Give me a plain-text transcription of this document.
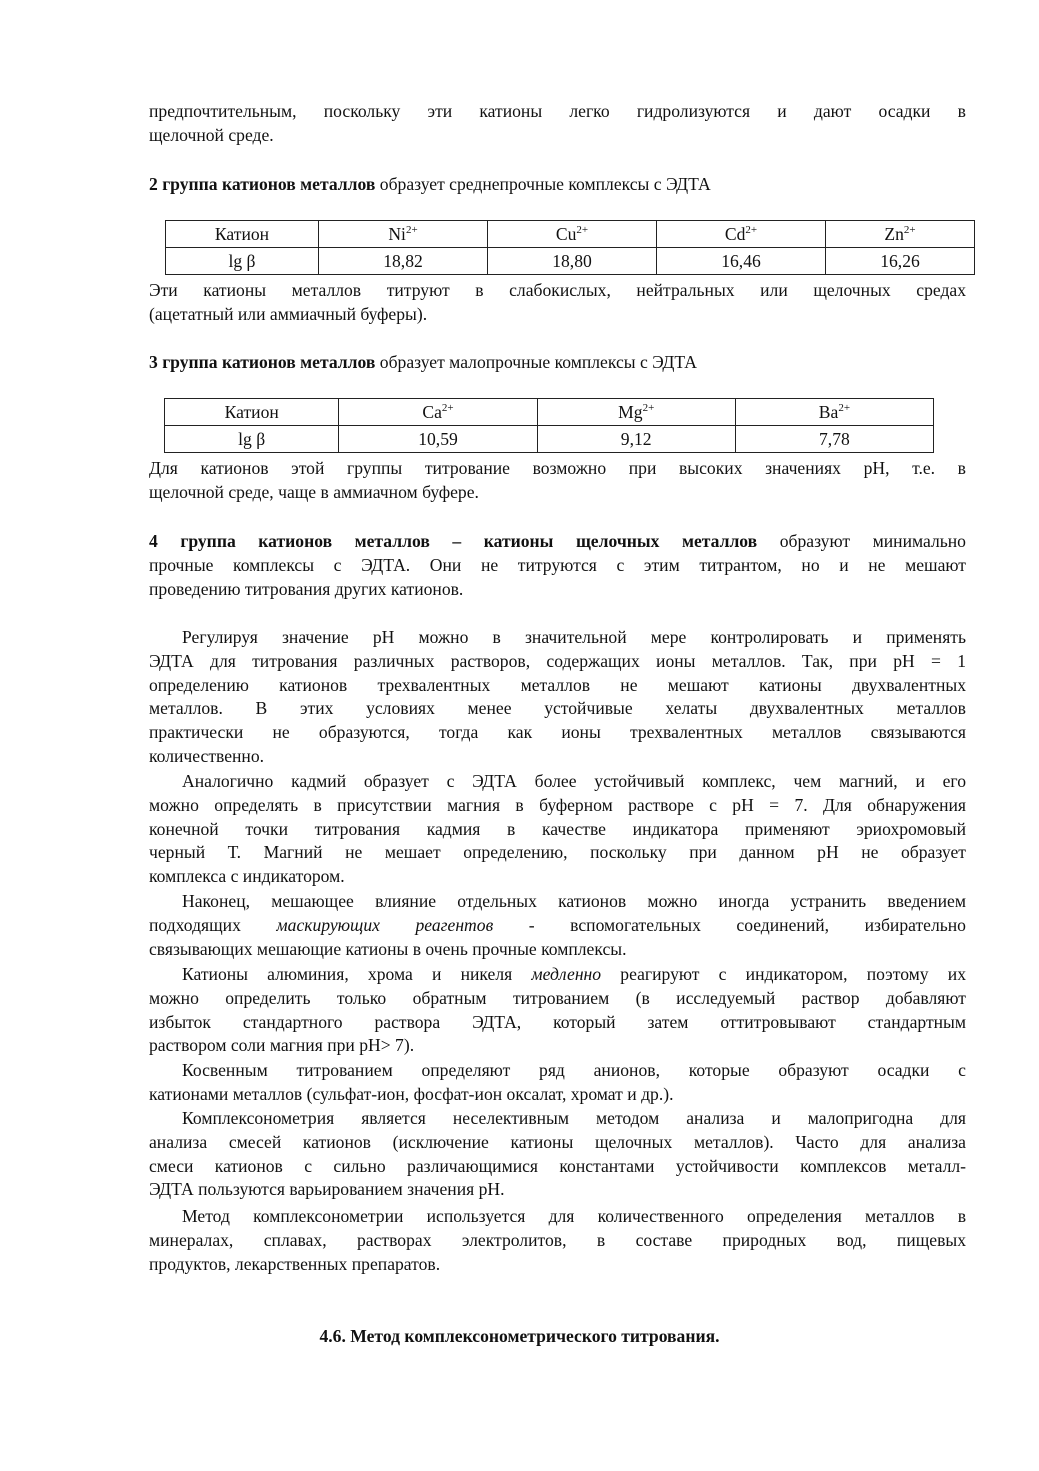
предпочтительным, поскольку эти катионы легко гидролизуются и дают осадки в
щелочной среде.
2 группа катионов металлов образует среднепрочные комплексы с ЭДТА
Катион	$Ni^{2+}$	$Cu^{2+}$	$Cd^{2+}$	$Zn^{2+}$
lg β	18,82	18,80	16,46	16,26
Эти катионы металлов титруют в слабокислых, нейтральных или щелочных средах
(ацетатный или аммиачный буферы).
3 группа катионов металлов образует малопрочные комплексы с ЭДТА
Катион	$Ca^{2+}$	$Mg^{2+}$	$Ba^{2+}$
lg β	10,59	9,12	7,78
Для катионов этой группы титрование возможно при высоких значениях рН, т.е. в
щелочной среде, чаще в аммиачном буфере.
4 группа катионов металлов – катионы щелочных металлов образуют минимально
прочные комплексы с ЭДТА. Они не титруются с этим титрантом, но и не мешают
проведению титрования других катионов.
Регулируя значение рН можно в значительной мере контролировать и применять
ЭДТА для титрования различных растворов, содержащих ионы металлов. Так, при рН = 1
определению катионов трехвалентных металлов не мешают катионы двухвалентных
металлов. В этих условиях менее устойчивые хелаты двухвалентных металлов
практически не образуются, тогда как ионы трехвалентных металлов связываются
количественно.
Аналогично кадмий образует с ЭДТА более устойчивый комплекс, чем магний, и его
можно определять в присутствии магния в буферном растворе с рН = 7. Для обнаружения
конечной точки титрования кадмия в качестве индикатора применяют эриохромовый
черный Т. Магний не мешает определению, поскольку при данном рН не образует
комплекса с индикатором.
Наконец, мешающее влияние отдельных катионов можно иногда устранить введением
подходящих маскирующих реагентов - вспомогательных соединений, избирательно
связывающих мешающие катионы в очень прочные комплексы.
Катионы алюминия, хрома и никеля медленно реагируют с индикатором, поэтому их
можно определить только обратным титрованием (в исследуемый раствор добавляют
избыток стандартного раствора ЭДТА, который затем оттитровывают стандартным
раствором соли магния при рН> 7).
Косвенным титрованием определяют ряд анионов, которые образуют осадки с
катионами металлов (сульфат-ион, фосфат-ион оксалат, хромат и др.).
Комплексонометрия является неселективным методом анализа и малопригодна для
анализа смесей катионов (исключение катионы щелочных металлов). Часто для анализа
смеси катионов с сильно различающимися константами устойчивости комплексов металл-
ЭДТА пользуются варьированием значения рН.
Метод комплексонометрии используется для количественного определения металлов в
минералах, сплавах, растворах электролитов, в составе природных вод, пищевых
продуктов, лекарственных препаратов.
4.6. Метод комплексонометрического титрования.
